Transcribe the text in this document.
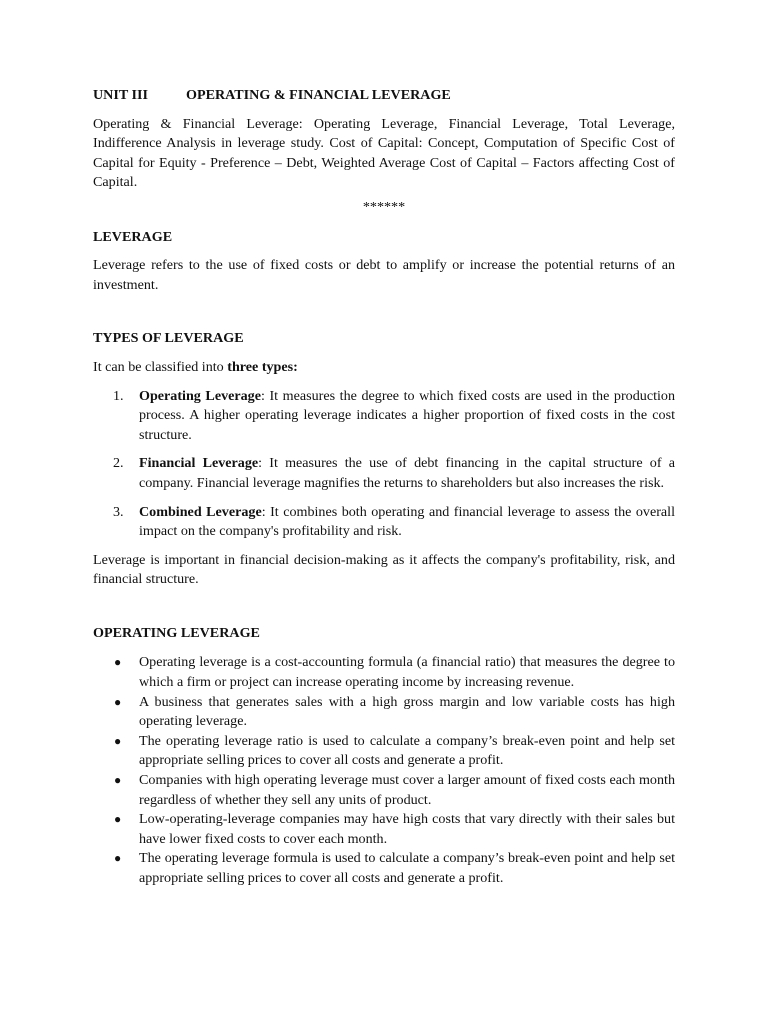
UNIT III	OPERATING & FINANCIAL LEVERAGE

Operating & Financial Leverage: Operating Leverage, Financial Leverage, Total Leverage, Indifference Analysis in leverage study. Cost of Capital: Concept, Computation of Specific Cost of Capital for Equity - Preference – Debt, Weighted Average Cost of Capital – Factors affecting Cost of Capital.

******
LEVERAGE

Leverage refers to the use of fixed costs or debt to amplify or increase the potential returns of an investment.

TYPES OF LEVERAGE

It can be classified into three types:

1. Operating Leverage: It measures the degree to which fixed costs are used in the production process. A higher operating leverage indicates a higher proportion of fixed costs in the cost structure.
2. Financial Leverage: It measures the use of debt financing in the capital structure of a company. Financial leverage magnifies the returns to shareholders but also increases the risk.
3. Combined Leverage: It combines both operating and financial leverage to assess the overall impact on the company's profitability and risk.

Leverage is important in financial decision-making as it affects the company's profitability, risk, and financial structure.

OPERATING LEVERAGE
● Operating leverage is a cost-accounting formula (a financial ratio) that measures the degree to which a firm or project can increase operating income by increasing revenue.
● A business that generates sales with a high gross margin and low variable costs has high operating leverage.
● The operating leverage ratio is used to calculate a company’s break-even point and help set appropriate selling prices to cover all costs and generate a profit.
● Companies with high operating leverage must cover a larger amount of fixed costs each month regardless of whether they sell any units of product.
● Low-operating-leverage companies may have high costs that vary directly with their sales but have lower fixed costs to cover each month.
● The operating leverage formula is used to calculate a company’s break-even point and help set appropriate selling prices to cover all costs and generate a profit.
